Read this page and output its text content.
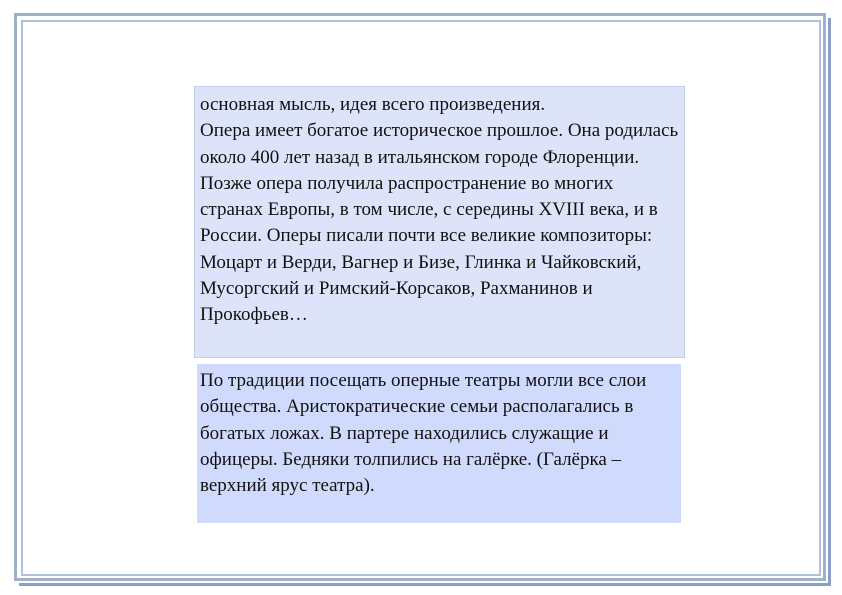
основная мысль, идея всего произведения.
Опера имеет богатое историческое прошлое. Она родилась около 400 лет назад в итальянском городе Флоренции. Позже опера получила распространение во многих странах Европы, в том числе, с середины XVIII века, и в России. Оперы писали почти все великие композиторы: Моцарт и Верди, Вагнер и Бизе, Глинка и Чайковский, Мусоргский и Римский-Корсаков, Рахманинов и Прокофьев…
По традиции посещать оперные театры могли все слои общества. Аристократические семьи располагались в богатых ложах. В партере находились служащие и офицеры. Бедняки толпились на галёрке. (Галёрка – верхний ярус театра).
